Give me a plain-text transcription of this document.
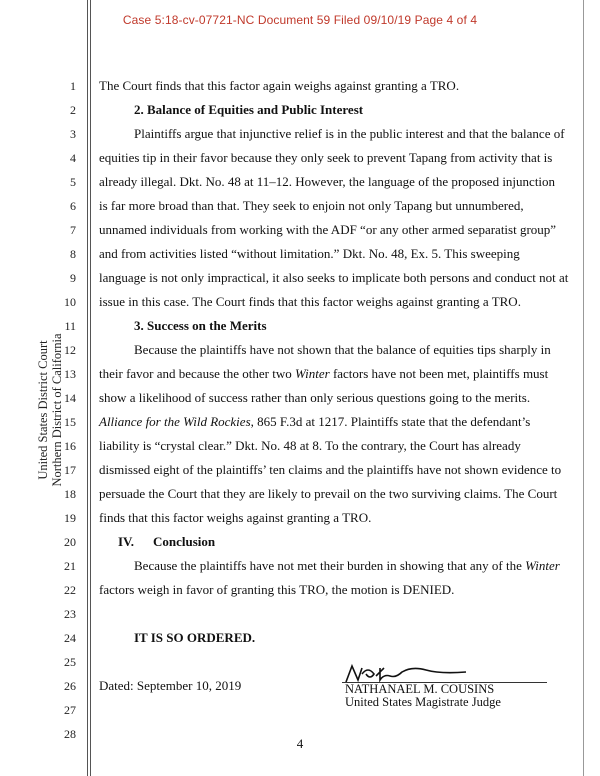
Case 5:18-cv-07721-NC Document 59 Filed 09/10/19 Page 4 of 4
1
2
3
4
5
6
7
8
9
10
11
12
13
14
15
16
17
18
19
20
21
22
23
24
25
26
27
28
United States District Court Northern District of California
The Court finds that this factor again weighs against granting a TRO.
2. Balance of Equities and Public Interest
Plaintiffs argue that injunctive relief is in the public interest and that the balance of
equities tip in their favor because they only seek to prevent Tapang from activity that is
already illegal. Dkt. No. 48 at 11–12. However, the language of the proposed injunction
is far more broad than that. They seek to enjoin not only Tapang but unnumbered,
unnamed individuals from working with the ADF “or any other armed separatist group”
and from activities listed “without limitation.” Dkt. No. 48, Ex. 5. This sweeping
language is not only impractical, it also seeks to implicate both persons and conduct not at
issue in this case. The Court finds that this factor weighs against granting a TRO.
3. Success on the Merits
Because the plaintiffs have not shown that the balance of equities tips sharply in
their favor and because the other two Winter factors have not been met, plaintiffs must
show a likelihood of success rather than only serious questions going to the merits.
Alliance for the Wild Rockies, 865 F.3d at 1217. Plaintiffs state that the defendant’s
liability is “crystal clear.” Dkt. No. 48 at 8. To the contrary, the Court has already
dismissed eight of the plaintiffs’ ten claims and the plaintiffs have not shown evidence to
persuade the Court that they are likely to prevail on the two surviving claims. The Court
finds that this factor weighs against granting a TRO.
IV. Conclusion
Because the plaintiffs have not met their burden in showing that any of the Winter
factors weigh in favor of granting this TRO, the motion is DENIED.
IT IS SO ORDERED.
Dated: September 10, 2019	NATHANAEL M. COUSINS
United States Magistrate Judge
4
